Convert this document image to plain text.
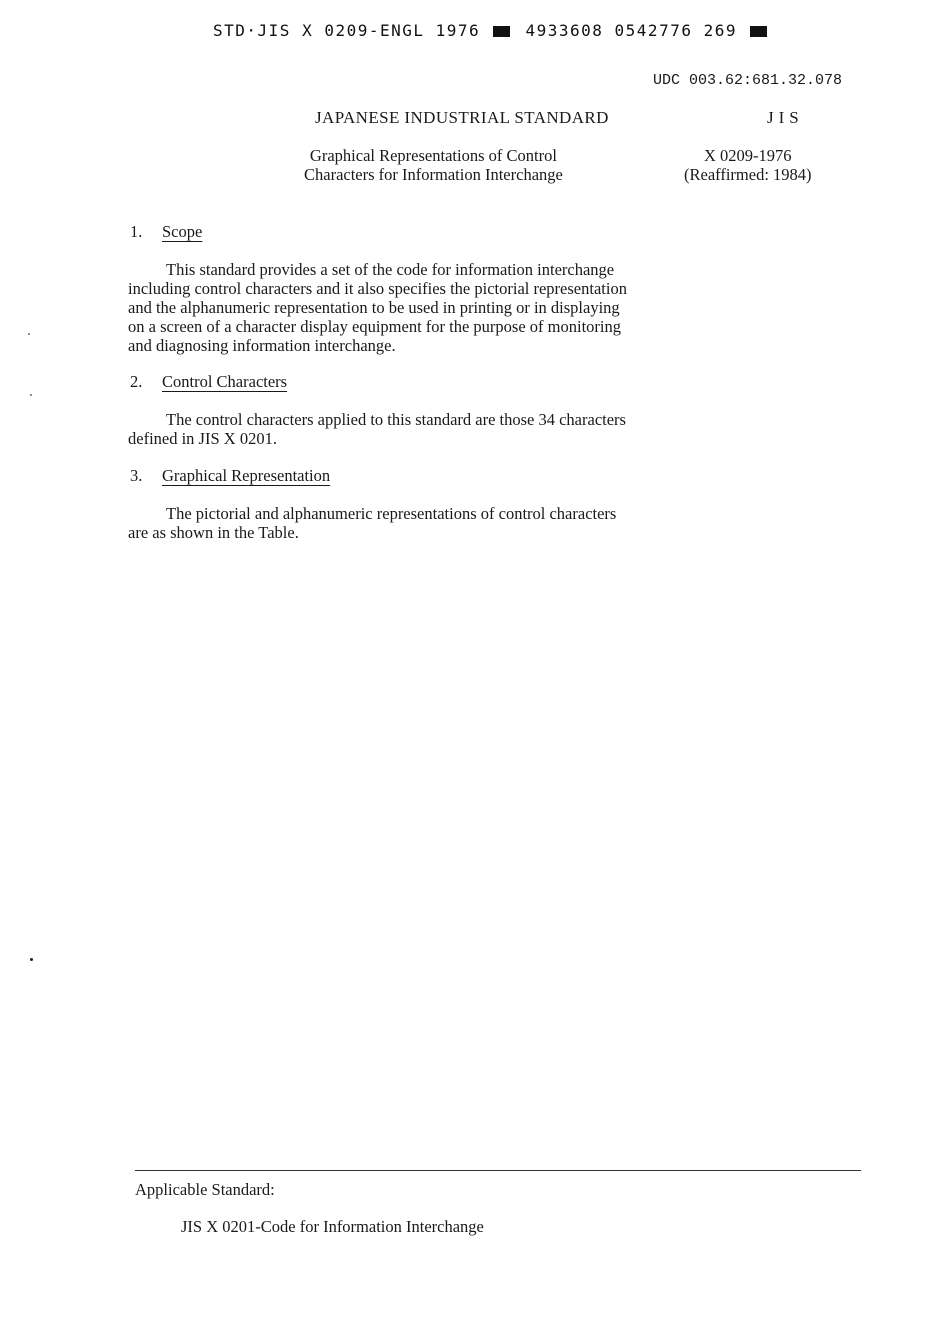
STD·JIS X 0209-ENGL 1976	4933608 0542776 269
UDC 003.62:681.32.078
JAPANESE INDUSTRIAL STANDARD	JIS
Graphical Representations of Control
Characters for Information Interchange
X 0209-1976
(Reaffirmed: 1984)
1. Scope
This standard provides a set of the code for information interchange
including control characters and it also specifies the pictorial representation
and the alphanumeric representation to be used in printing or in displaying
on a screen of a character display equipment for the purpose of monitoring
and diagnosing information interchange.
2. Control Characters
The control characters applied to this standard are those 34 characters
defined in JIS X 0201.
3. Graphical Representation
The pictorial and alphanumeric representations of control characters
are as shown in the Table.
Applicable Standard:
JIS X 0201-Code for Information Interchange
